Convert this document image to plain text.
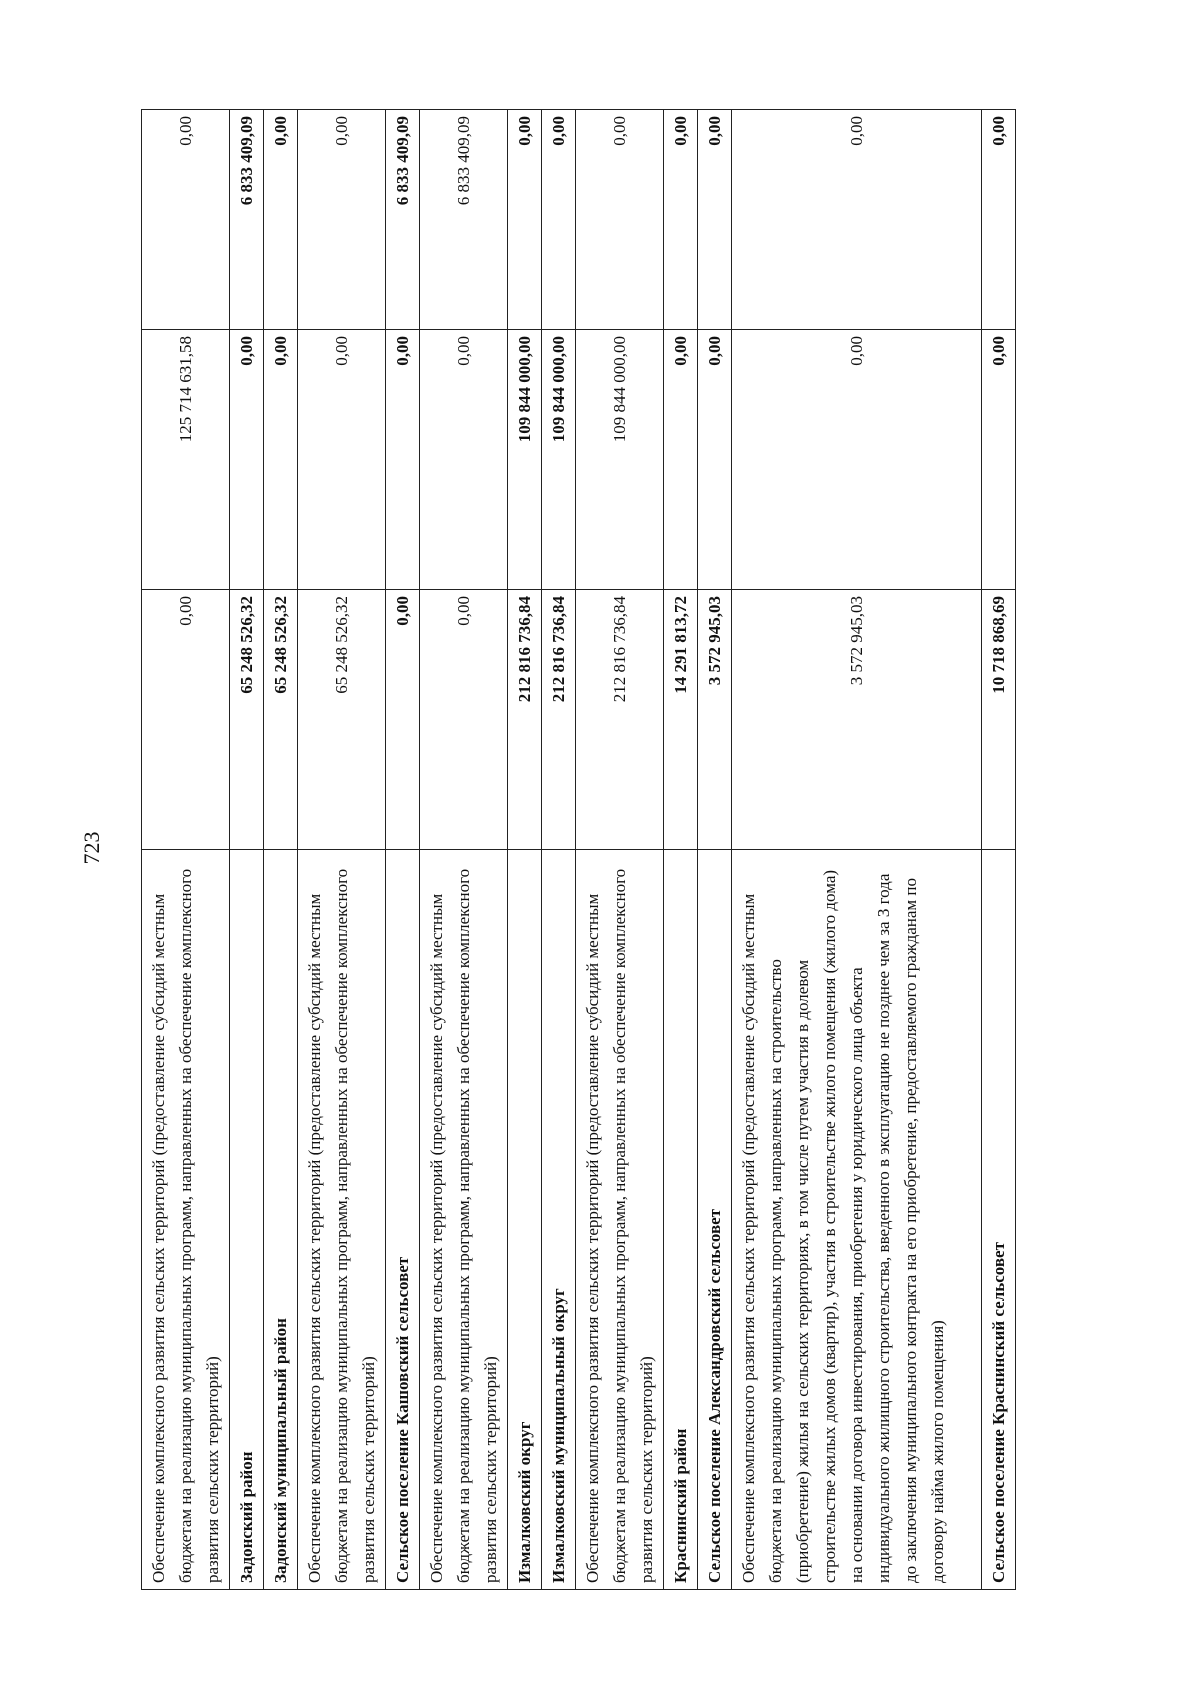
723
Обеспечение комплексного развития сельских территорий (предоставление субсидий местным бюджетам на реализацию муниципальных программ, направленных на обеспечение комплексного развития сельских территорий)	0,00	125 714 631,58	0,00
Задонский район	65 248 526,32	0,00	6 833 409,09
Задонский муниципальный район	65 248 526,32	0,00	0,00
Обеспечение комплексного развития сельских территорий (предоставление субсидий местным бюджетам на реализацию муниципальных программ, направленных на обеспечение комплексного развития сельских территорий)	65 248 526,32	0,00	0,00
Сельское поселение Кашовский сельсовет	0,00	0,00	6 833 409,09
Обеспечение комплексного развития сельских территорий (предоставление субсидий местным бюджетам на реализацию муниципальных программ, направленных на обеспечение комплексного развития сельских территорий)	0,00	0,00	6 833 409,09
Измалковский округ	212 816 736,84	109 844 000,00	0,00
Измалковский муниципальный округ	212 816 736,84	109 844 000,00	0,00
Обеспечение комплексного развития сельских территорий (предоставление субсидий местным бюджетам на реализацию муниципальных программ, направленных на обеспечение комплексного развития сельских территорий)	212 816 736,84	109 844 000,00	0,00
Краснинский район	14 291 813,72	0,00	0,00
Сельское поселение Александровский сельсовет	3 572 945,03	0,00	0,00
Обеспечение комплексного развития сельских территорий (предоставление субсидий местным бюджетам на реализацию муниципальных программ, направленных на строительство (приобретение) жилья на сельских территориях, в том числе путем участия в долевом строительстве жилых домов (квартир), участия в строительстве жилого помещения (жилого дома) на основании договора инвестирования, приобретения у юридического лица объекта индивидуального жилищного строительства, введенного в эксплуатацию не позднее чем за 3 года до заключения муниципального контракта на его приобретение, предоставляемого гражданам по договору найма жилого помещения)	3 572 945,03	0,00	0,00
Сельское поселение Краснинский сельсовет	10 718 868,69	0,00	0,00
